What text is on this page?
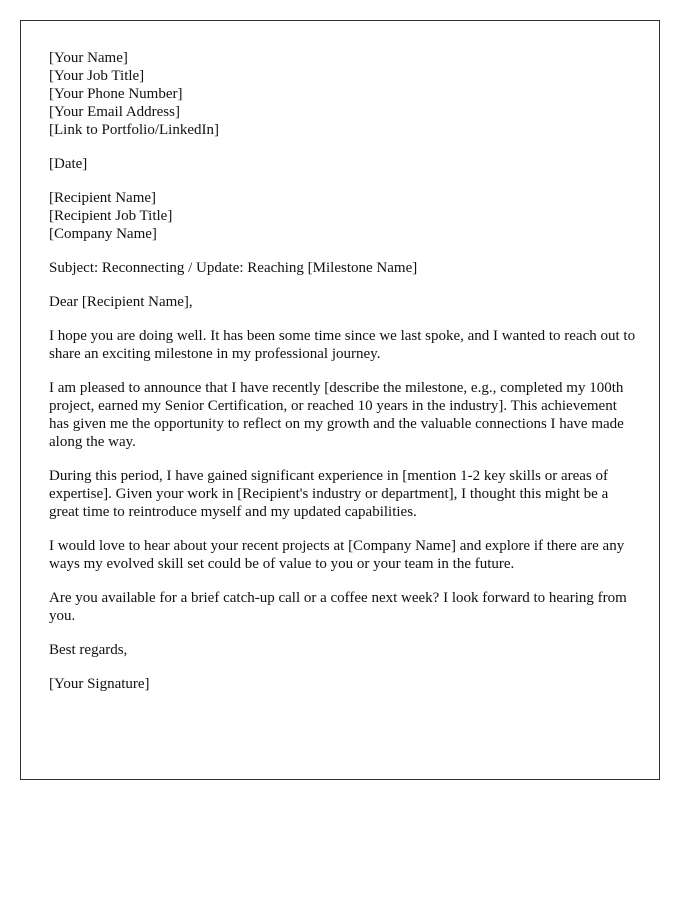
[Your Name]
[Your Job Title]
[Your Phone Number]
[Your Email Address]
[Link to Portfolio/LinkedIn]
[Date]
[Recipient Name]
[Recipient Job Title]
[Company Name]

Subject: Reconnecting / Update: Reaching [Milestone Name]

Dear [Recipient Name],

I hope you are doing well. It has been some time since we last spoke, and I wanted to reach out to share an exciting milestone in my professional journey.

I am pleased to announce that I have recently [describe the milestone, e.g., completed my 100th project, earned my Senior Certification, or reached 10 years in the industry]. This achievement has given me the opportunity to reflect on my growth and the valuable connections I have made along the way.

During this period, I have gained significant experience in [mention 1-2 key skills or areas of expertise]. Given your work in [Recipient's industry or department], I thought this might be a great time to reintroduce myself and my updated capabilities.

I would love to hear about your recent projects at [Company Name] and explore if there are any ways my evolved skill set could be of value to you or your team in the future.

Are you available for a brief catch-up call or a coffee next week? I look forward to hearing from you.

Best regards,

[Your Signature]
